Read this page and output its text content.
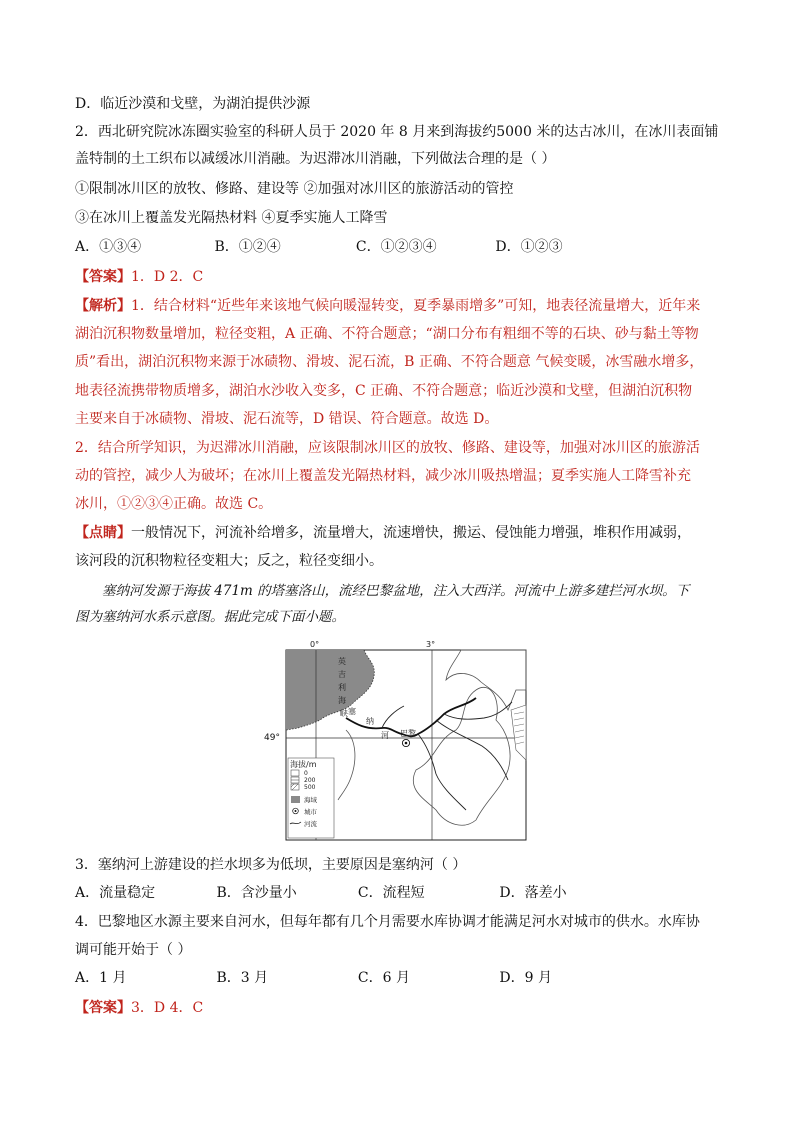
D．临近沙漠和戈壁，为湖泊提供沙源
2．西北研究院冰冻圈实验室的科研人员于 2020 年 8 月来到海拔约5000 米的达古冰川，在冰川表面铺
盖特制的土工织布以减缓冰川消融。为迟滞冰川消融，下列做法合理的是（ ）
①限制冰川区的放牧、修路、建设等 ②加强对冰川区的旅游活动的管控
③在冰川上覆盖发光隔热材料 ④夏季实施人工降雪
A．①③④	B．①②④	C．①②③④	D．①②③
【答案】1．D 2．C
【解析】1．结合材料“近些年来该地气候向暖湿转变，夏季暴雨增多”可知，地表径流量增大，近年来
湖泊沉积物数量增加，粒径变粗，A 正确、不符合题意；“湖口分布有粗细不等的石块、砂与黏土等物
质”看出，湖泊沉积物来源于冰碛物、滑坡、泥石流，B 正确、不符合题意 气候变暖，冰雪融水增多，
地表径流携带物质增多，湖泊水沙收入变多，C 正确、不符合题意；临近沙漠和戈壁，但湖泊沉积物
主要来自于冰碛物、滑坡、泥石流等，D 错误、符合题意。故选 D。
2．结合所学知识，为迟滞冰川消融，应该限制冰川区的放牧、修路、建设等，加强对冰川区的旅游活
动的管控，减少人为破坏；在冰川上覆盖发光隔热材料，减少冰川吸热增温；夏季实施人工降雪补充
冰川，①②③④正确。故选 C。
【点睛】一般情况下，河流补给增多，流量增大，流速增快，搬运、侵蚀能力增强，堆积作用减弱，
该河段的沉积物粒径变粗大；反之，粒径变细小。
塞纳河发源于海拔 471m 的塔塞洛山，流经巴黎盆地，注入大西洋。河流中上游多建拦河水坝。下
图为塞纳河水系示意图。据此完成下面小题。
巴黎
0°	3°
英
吉
利
海
峡 塞
纳
河
海拔/m
0
200
500
海域
城市
河流
49°
3．塞纳河上游建设的拦水坝多为低坝，主要原因是塞纳河（ ）
A．流量稳定	B．含沙量小	C．流程短	D．落差小
4．巴黎地区水源主要来自河水，但每年都有几个月需要水库协调才能满足河水对城市的供水。水库协
调可能开始于（ ）
A．1 月	B．3 月	C．6 月	D．9 月
【答案】3．D 4．C
